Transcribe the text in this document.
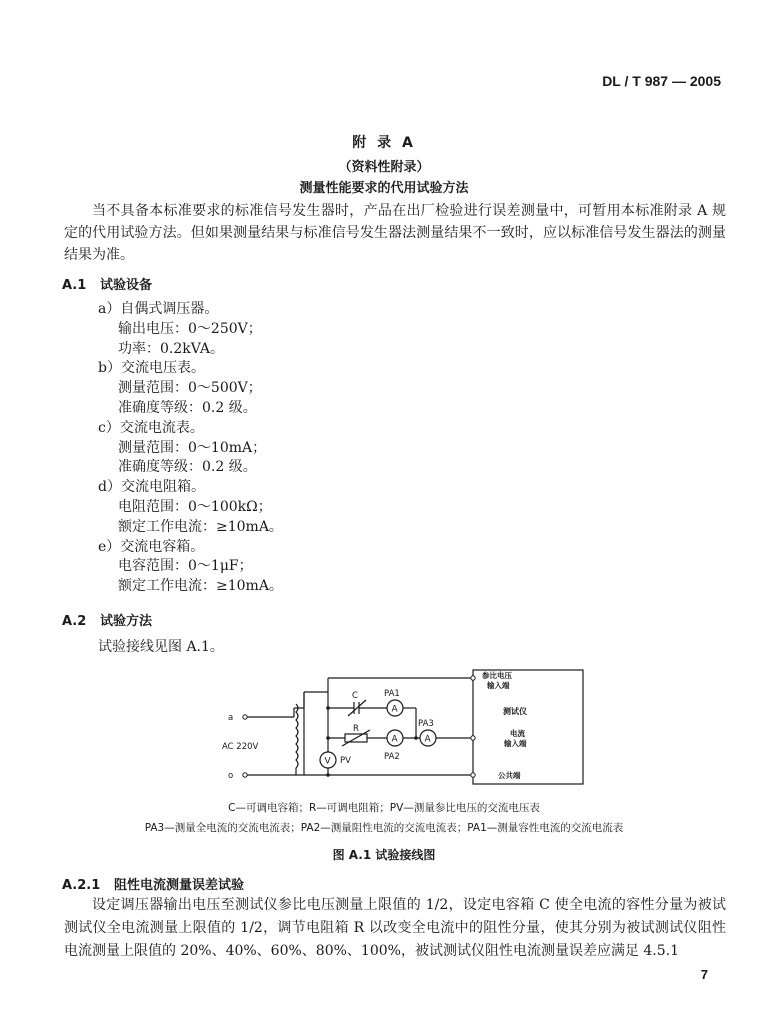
DL / T 987 — 2005
附 录 A
（资料性附录）
测量性能要求的代用试验方法
当不具备本标准要求的标准信号发生器时，产品在出厂检验进行误差测量中，可暂用本标准附录 A 规定的代用试验方法。但如果测量结果与标准信号发生器法测量结果不一致时，应以标准信号发生器法的测量结果为准。
A.1 试验设备
a）自偶式调压器。
输出电压：0～250V；
功率：0.2kVA。
b）交流电压表。
测量范围：0～500V；
准确度等级：0.2 级。
c）交流电流表。
测量范围：0～10mA；
准确度等级：0.2 级。
d）交流电阻箱。
电阻范围：0～100kΩ；
额定工作电流：≥10mA。
e）交流电容箱。
电容范围：0～1μF；
额定工作电流：≥10mA。
A.2 试验方法
试验接线见图 A.1。
a
o
AC 220V
C
R
PA1
PA2
PA3
PV
A
A	A
V
参比电压
输入端
测试仪
电流
输入端
公共端
C—可调电容箱；R—可调电阻箱；PV—测量参比电压的交流电压表
PA3—测量全电流的交流电流表；PA2—测量阻性电流的交流电流表；PA1—测量容性电流的交流电流表
图 A.1 试验接线图
A.2.1 阻性电流测量误差试验
设定调压器输出电压至测试仪参比电压测量上限值的 1/2，设定电容箱 C 使全电流的容性分量为被试测试仪全电流测量上限值的 1/2，调节电阻箱 R 以改变全电流中的阻性分量，使其分别为被试测试仪阻性电流测量上限值的 20%、40%、60%、80%、100%，被试测试仪阻性电流测量误差应满足 4.5.1
7
